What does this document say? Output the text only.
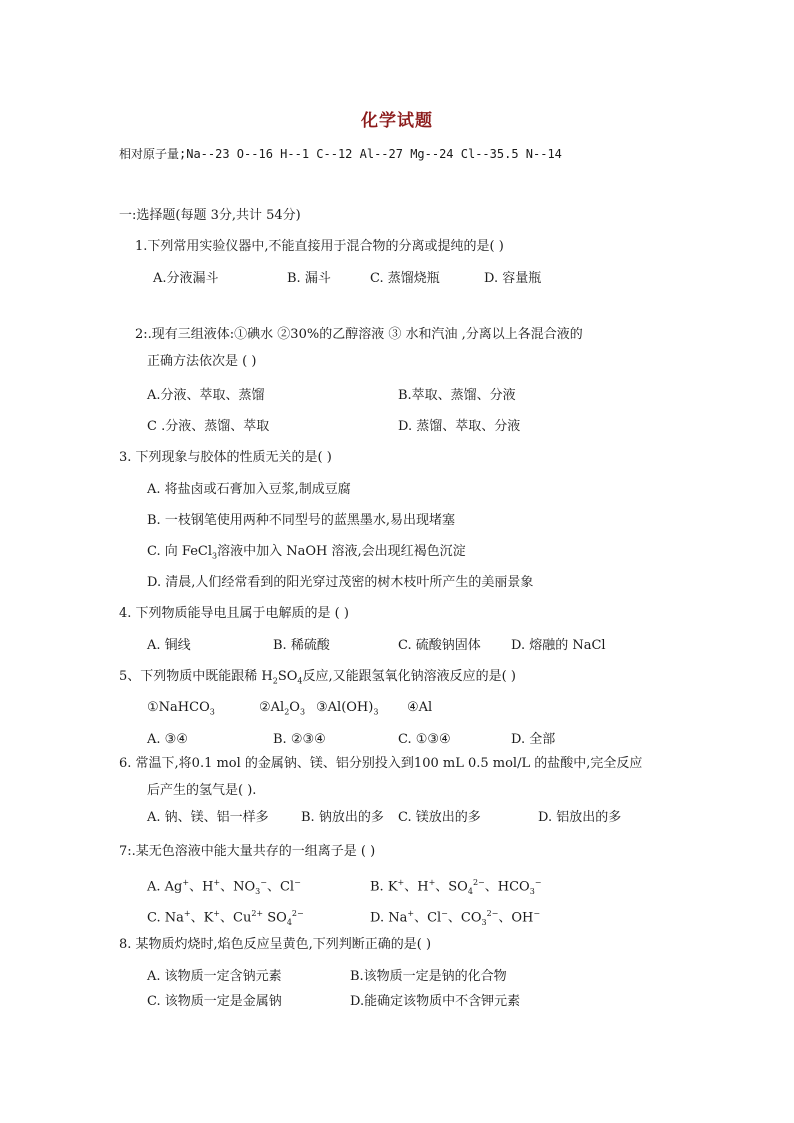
化学试题
相对原子量;Na--23 O--16 H--1 C--12 Al--27 Mg--24 Cl--35.5 N--14
一:选择题(每题 3分,共计 54分)
1.下列常用实验仪器中,不能直接用于混合物的分离或提纯的是( )
A.分液漏斗	B. 漏斗	C. 蒸馏烧瓶	D. 容量瓶
2:.现有三组液体:①碘水 ②30%的乙醇溶液 ③ 水和汽油 ,分离以上各混合液的
正确方法依次是 ( )
A.分液、萃取、蒸馏	B.萃取、蒸馏、分液
C .分液、蒸馏、萃取	D. 蒸馏、萃取、分液
3. 下列现象与胶体的性质无关的是( )
A. 将盐卤或石膏加入豆浆,制成豆腐
B. 一枝钢笔使用两种不同型号的蓝黑墨水,易出现堵塞
C. 向 FeCl$_3$溶液中加入 NaOH 溶液,会出现红褐色沉淀
D. 清晨,人们经常看到的阳光穿过茂密的树木枝叶所产生的美丽景象
4. 下列物质能导电且属于电解质的是 ( )
A. 铜线	B. 稀硫酸	C. 硫酸钠固体 D. 熔融的 NaCl
5、下列物质中既能跟稀 $H_2SO_4$反应,又能跟氢氧化钠溶液反应的是( )
①NaHCO$_3$	$②Al_2O_3$ $③Al(OH)_3$ ④Al
A. ③④	B. ②③④	C. ①③④	D. 全部
6. 常温下,将0.1 mol 的金属钠、镁、铝分别投入到100 mL 0.5 mol/L 的盐酸中,完全反应
后产生的氢气是( ).
A. 钠、镁、铝一样多 B. 钠放出的多 C. 镁放出的多	D. 铝放出的多
7:.某无色溶液中能大量共存的一组离子是 ( )
A. Ag+、H+、$NO_3^-$、Cl−	B. K+、H+、$SO_4^{2-}$、$HCO_3^-$
C. Na+、K+、$Cu^{2+}$ $SO_4^{2-}$	D. Na+、Cl−、$CO_3^{2-}$、OH−
8. 某物质灼烧时,焰色反应呈黄色,下列判断正确的是( )
A. 该物质一定含钠元素	B.该物质一定是钠的化合物
C. 该物质一定是金属钠	D.能确定该物质中不含钾元素
